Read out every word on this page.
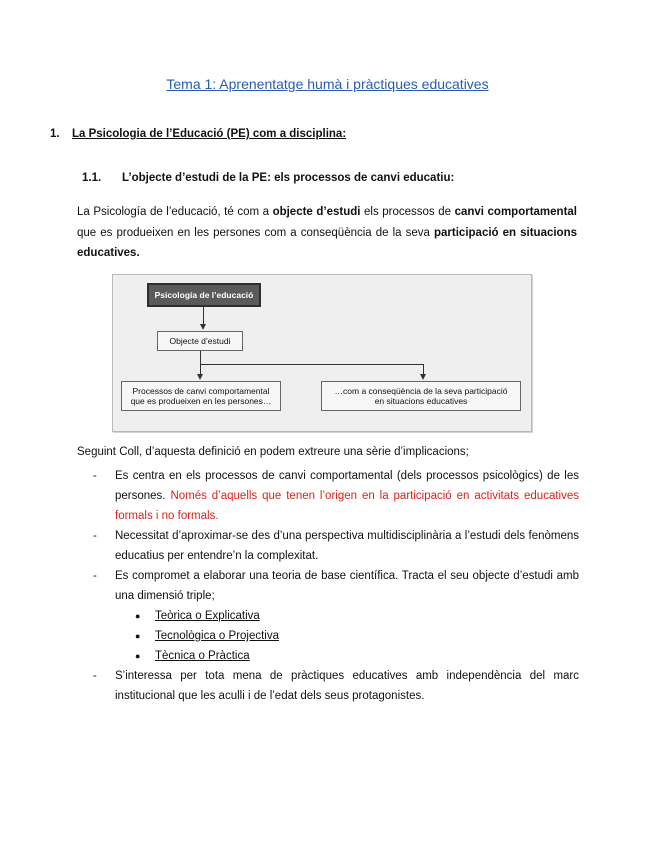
Tema 1: Aprenentatge humà i pràctiques educatives
1. La Psicologia de l’Educació (PE) com a disciplina:
1.1. L’objecte d’estudi de la PE: els processos de canvi educatiu:
La Psicología de l’educació, té com a objecte d’estudi els processos de canvi comportamental que es produeixen en les persones com a conseqüència de la seva participació en situacions educatives.
Psicología de l’educació
Objecte d’estudi
Processos de canvi comportamental
que es produeixen en les persones…
…com a conseqüència de la seva participació
en situacions educatives
Seguint Coll, d’aquesta definició en podem extreure una sèrie d’implicacions;
- Es centra en els processos de canvi comportamental (dels processos psicològics) de les persones. Només d’aquells que tenen l’origen en la participació en activitats educatives formals i no formals.
- Necessitat d’aproximar-se des d’una perspectiva multidisciplinària a l’estudi dels fenòmens educatius per entendre’n la complexitat.
- Es compromet a elaborar una teoria de base científica. Tracta el seu objecte d’estudi amb una dimensió triple;
● Teòrica o Explicativa
● Tecnològica o Projectiva
● Tècnica o Pràctica
- S’interessa per tota mena de pràctiques educatives amb independència del marc institucional que les aculli i de l’edat dels seus protagonistes.
